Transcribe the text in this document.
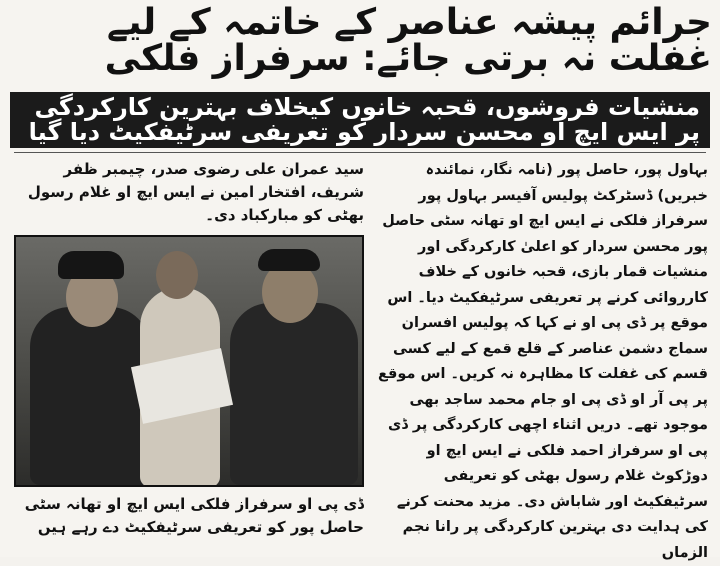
جرائم پیشہ عناصر کے خاتمہ کے لیے غفلت نہ برتی جائے: سرفراز فلکی
منشیات فروشوں، قحبہ خانوں کیخلاف بہترین کارکردگی پر ایس ایچ او محسن سردار کو تعریفی سرٹیفکیٹ دیا گیا
سید عمران علی رضوی صدر، چیمبر ظفر شریف، افتخار امین نے ایس ایچ او غلام رسول بھٹی کو مبارکباد دی۔
ڈی پی او سرفراز فلکی ایس ایچ او تھانہ سٹی حاصل پور کو تعریفی سرٹیفکیٹ دے رہے ہیں
بہاول پور، حاصل پور (نامہ نگار، نمائندہ خبریں) ڈسٹرکٹ پولیس آفیسر بہاول پور سرفراز فلکی نے ایس ایچ او تھانہ سٹی حاصل پور محسن سردار کو اعلیٰ کارکردگی اور منشیات قمار بازی، قحبہ خانوں کے خلاف کارروائی کرنے پر تعریفی سرٹیفکیٹ دیا۔ اس موقع پر ڈی پی او نے کہا کہ پولیس افسران سماج دشمن عناصر کے قلع قمع کے لیے کسی قسم کی غفلت کا مظاہرہ نہ کریں۔ اس موقع پر پی آر او ڈی پی او جام محمد ساجد بھی موجود تھے۔ دریں اثناء اچھی کارکردگی پر ڈی پی او سرفراز احمد فلکی نے ایس ایچ او دوڑکوٹ غلام رسول بھٹی کو تعریفی سرٹیفکیٹ اور شاباش دی۔ مزید محنت کرنے کی ہدایت دی بہترین کارکردگی پر رانا نجم الزماں
